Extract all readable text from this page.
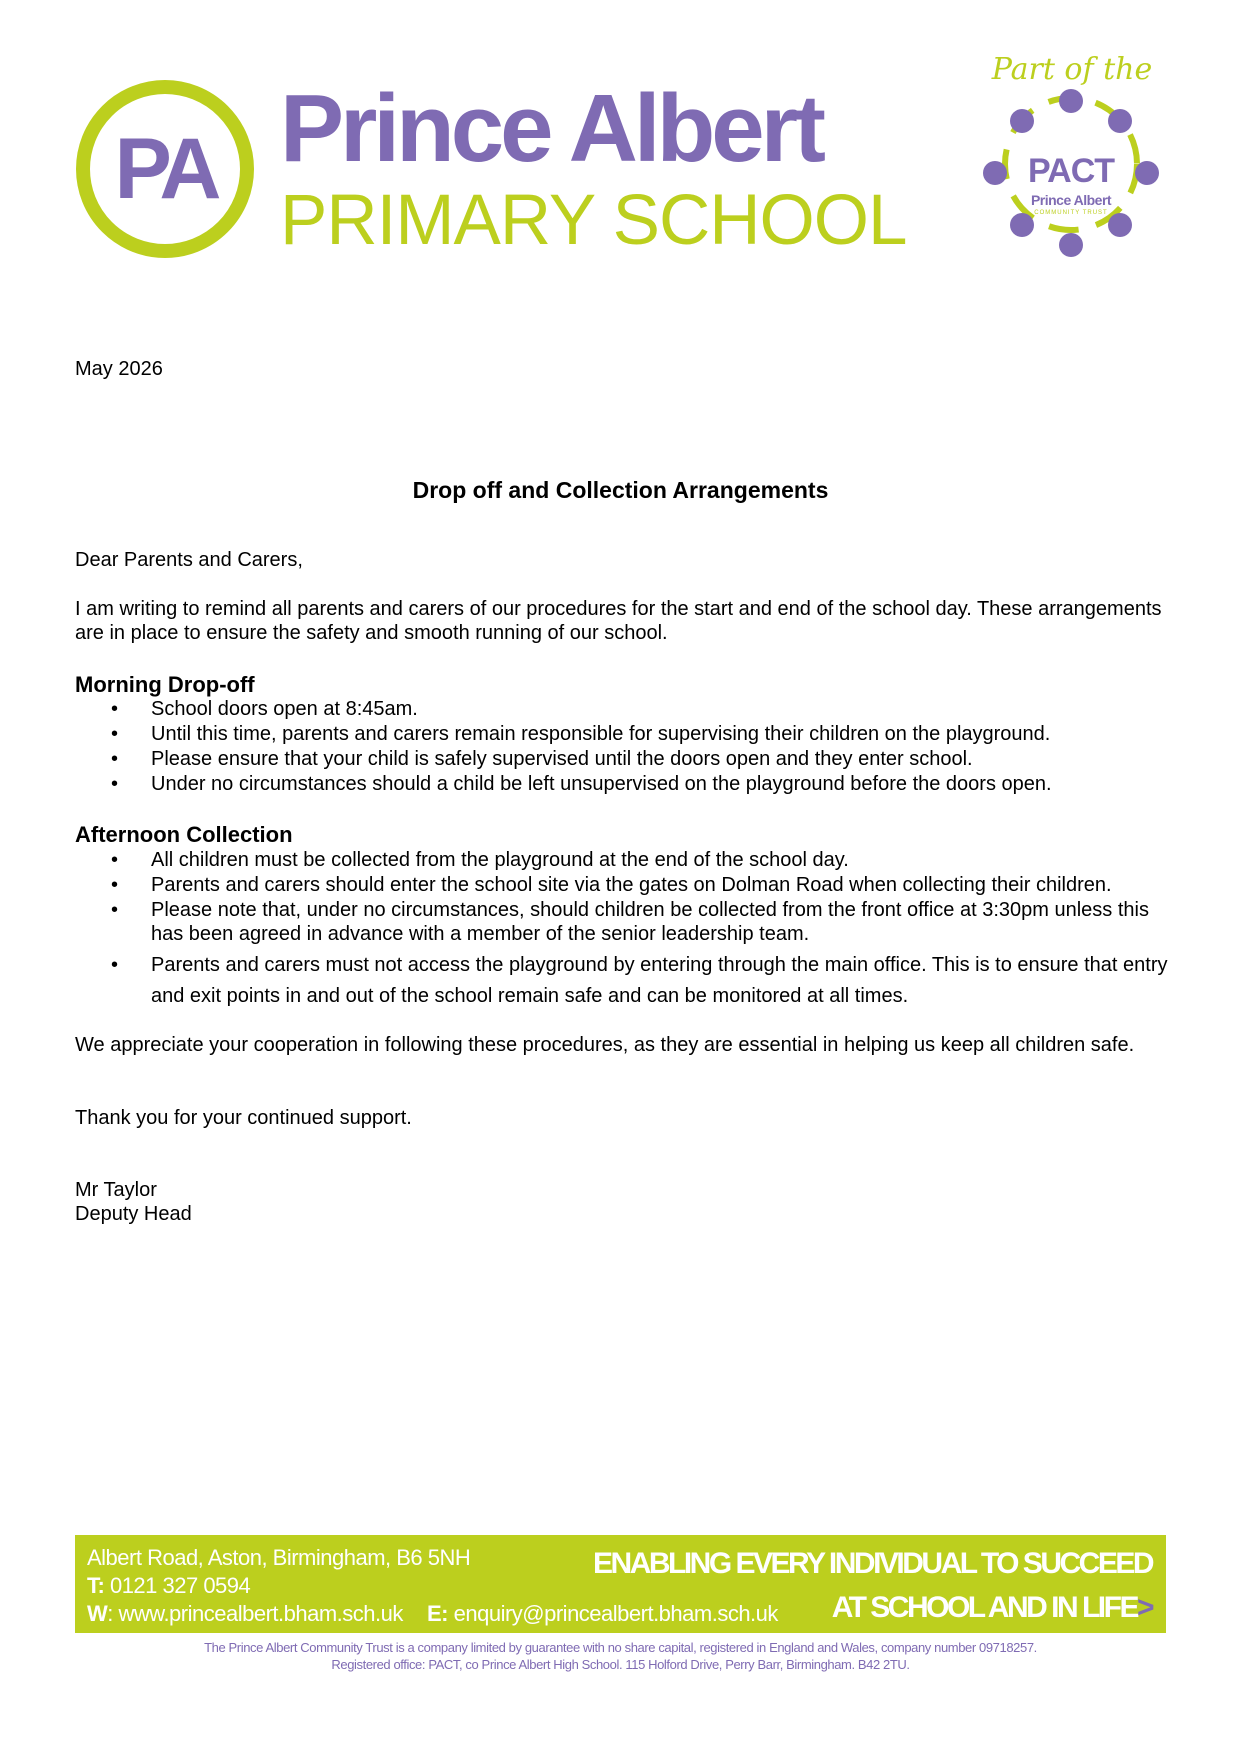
PA Prince Albert
PRIMARY SCHOOL
Part of the
PACT
Prince Albert
COMMUNITY TRUST
May 2026
Drop off and Collection Arrangements
Dear Parents and Carers,
I am writing to remind all parents and carers of our procedures for the start and end of the school day. These arrangements are in place to ensure the safety and smooth running of our school.
Morning Drop-off
• School doors open at 8:45am.
• Until this time, parents and carers remain responsible for supervising their children on the playground.
• Please ensure that your child is safely supervised until the doors open and they enter school.
• Under no circumstances should a child be left unsupervised on the playground before the doors open.
Afternoon Collection
• All children must be collected from the playground at the end of the school day.
• Parents and carers should enter the school site via the gates on Dolman Road when collecting their children.
• Please note that, under no circumstances, should children be collected from the front office at 3:30pm unless this has been agreed in advance with a member of the senior leadership team.
• Parents and carers must not access the playground by entering through the main office. This is to ensure that entry and exit points in and out of the school remain safe and can be monitored at all times.
We appreciate your cooperation in following these procedures, as they are essential in helping us keep all children safe.
Thank you for your continued support.
Mr Taylor
Deputy Head
Albert Road, Aston, Birmingham, B6 5NH
T: 0121 327 0594
W: www.princealbert.bham.sch.uk E: enquiry@princealbert.bham.sch.uk
ENABLING EVERY INDIVIDUAL TO SUCCEED
AT SCHOOL AND IN LIFE>
The Prince Albert Community Trust is a company limited by guarantee with no share capital, registered in England and Wales, company number 09718257.
Registered office: PACT, co Prince Albert High School. 115 Holford Drive, Perry Barr, Birmingham. B42 2TU.
